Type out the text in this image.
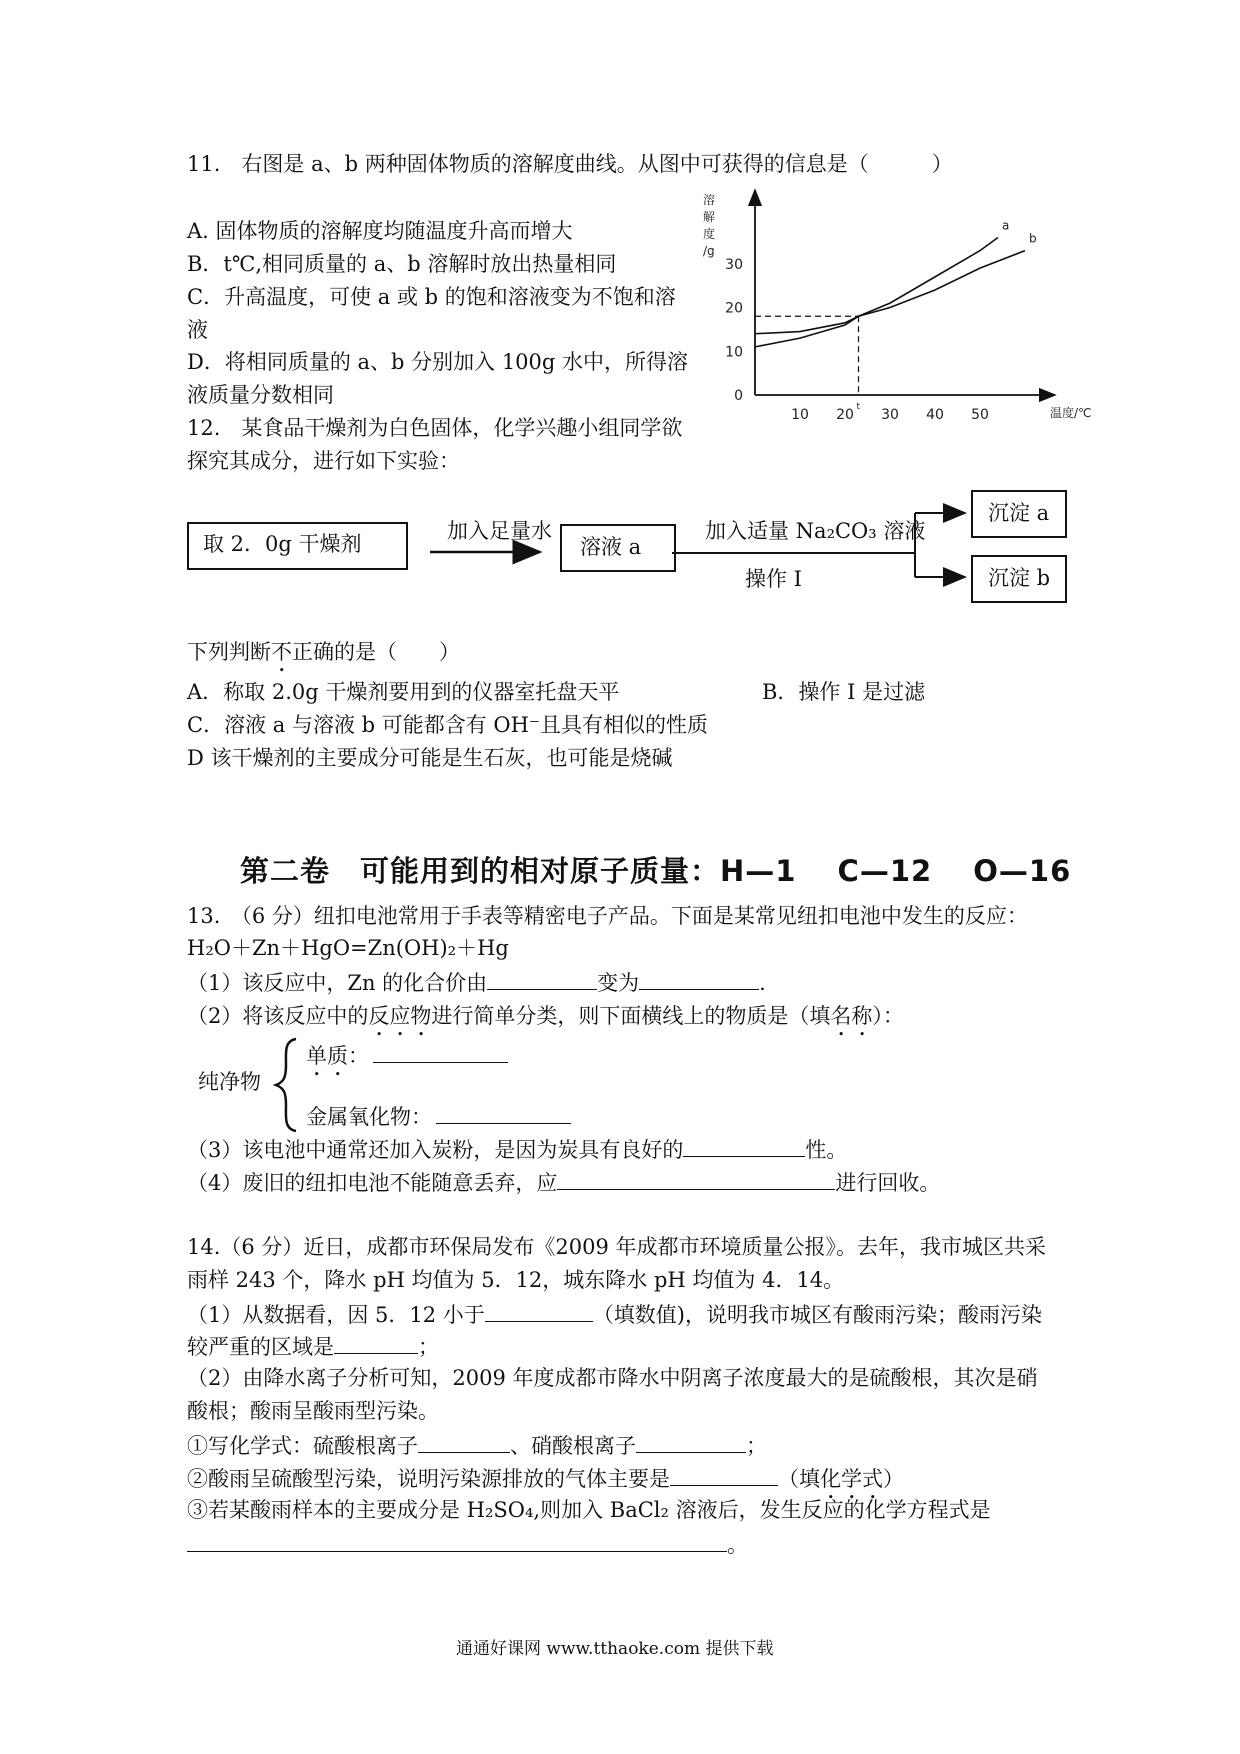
11.　右图是 a、b 两种固体物质的溶解度曲线。从图中可获得的信息是（　　　）
A. 固体物质的溶解度均随温度升高而增大
B．t℃,相同质量的 a、b 溶解时放出热量相同
C．升高温度，可使 a 或 b 的饱和溶液变为不饱和溶
液
D．将相同质量的 a、b 分别加入 100g 水中，所得溶
液质量分数相同
溶
解
度
/g
温度/℃
0
10
20
30
10 20 30 40 50
t
a
b
12.　某食品干燥剂为白色固体，化学兴趣小组同学欲
探究其成分，进行如下实验：
取 2．0g 干燥剂	溶液 a
沉淀 a
沉淀 b
加入足量水	加入适量 Na₂CO₃ 溶液
操作 I
下列判断不正确的是（　　）
A．称取 2.0g 干燥剂要用到的仪器室托盘天平	B．操作 I 是过滤
C．溶液 a 与溶液 b 可能都含有 OH⁻且具有相似的性质
D 该干燥剂的主要成分可能是生石灰，也可能是烧碱
第二卷　可能用到的相对原子质量：H—1　 C—12　 O—16
13.　（6 分）纽扣电池常用于手表等精密电子产品。下面是某常见纽扣电池中发生的反应：
H₂O＋Zn＋HgO=Zn(OH)₂＋Hg
（1）该反应中，Zn 的化合价由	变为	.
（2）将该反应中的反应物进行简单分类，则下面横线上的物质是（填名称）：
纯净物
单质：
金属氧化物：
（3）该电池中通常还加入炭粉，是因为炭具有良好的	性。
（4）废旧的纽扣电池不能随意丢弃，应	进行回收。
14.（6 分）近日，成都市环保局发布《2009 年成都市环境质量公报》。去年，我市城区共采
雨样 243 个，降水 pH 均值为 5．12，城东降水 pH 均值为 4．14。
（1）从数据看，因 5．12 小于	（填数值)，说明我市城区有酸雨污染；酸雨污染
较严重的区域是	；
（2）由降水离子分析可知，2009 年度成都市降水中阴离子浓度最大的是硫酸根，其次是硝
酸根；酸雨呈酸雨型污染。
①写化学式：硫酸根离子	、硝酸根离子	；
②酸雨呈硫酸型污染，说明污染源排放的气体主要是	（填化学式）
③若某酸雨样本的主要成分是 H₂SO₄,则加入 BaCl₂ 溶液后，发生反应的化学方程式是
。
通通好课网 www.tthaoke.com 提供下载
